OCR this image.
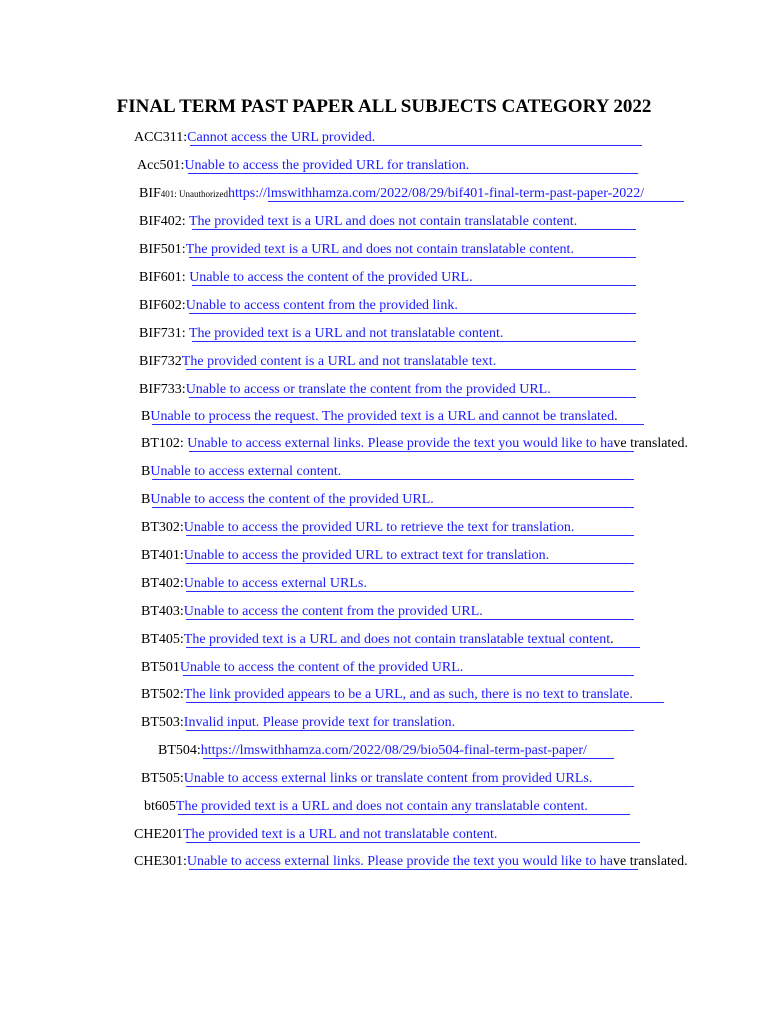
FINAL TERM PAST PAPER ALL SUBJECTS CATEGORY 2022
ACC311:Cannot access the URL provided.
Acc501:Unable to access the provided URL for translation.
BIF401: Unauthorizedhttps://lmswithhamza.com/2022/08/29/bif401-final-term-past-paper-2022/
BIF402: The provided text is a URL and does not contain translatable content.
BIF501:The provided text is a URL and does not contain translatable content.
BIF601: Unable to access the content of the provided URL.
BIF602:Unable to access content from the provided link.
BIF731: The provided text is a URL and not translatable content.
BIF732The provided content is a URL and not translatable text.
BIF733:Unable to access or translate the content from the provided URL.
BUnable to process the request. The provided text is a URL and cannot be translated.
BT102: Unable to access external links. Please provide the text you would like to have translated.
BUnable to access external content.
BUnable to access the content of the provided URL.
BT302:Unable to access the provided URL to retrieve the text for translation.
BT401:Unable to access the provided URL to extract text for translation.
BT402:Unable to access external URLs.
BT403:Unable to access the content from the provided URL.
BT405:The provided text is a URL and does not contain translatable textual content.
BT501Unable to access the content of the provided URL.
BT502:The link provided appears to be a URL, and as such, there is no text to translate.
BT503:Invalid input. Please provide text for translation.
BT504:https://lmswithhamza.com/2022/08/29/bio504-final-term-past-paper/
BT505:Unable to access external links or translate content from provided URLs.
bt605The provided text is a URL and does not contain any translatable content.
CHE201The provided text is a URL and not translatable content.
CHE301:Unable to access external links. Please provide the text you would like to have translated.
